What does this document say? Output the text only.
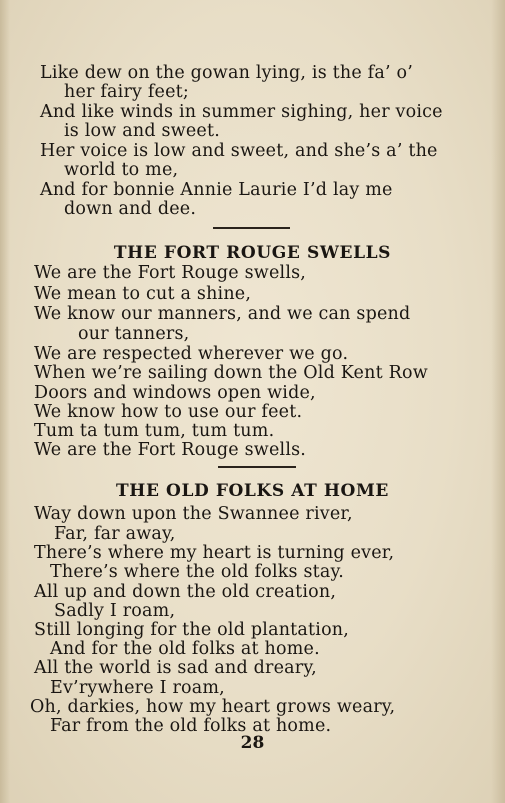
Like dew on the gowan lying, is the fa’ o’
her fairy feet;
And like winds in summer sighing, her voice
is low and sweet.
Her voice is low and sweet, and she’s a’ the
world to me,
And for bonnie Annie Laurie I’d lay me
down and dee.
THE FORT ROUGE SWELLS
We are the Fort Rouge swells,
We mean to cut a shine,
We know our manners, and we can spend
our tanners,
We are respected wherever we go.
When we’re sailing down the Old Kent Row
Doors and windows open wide,
We know how to use our feet.
Tum ta tum tum, tum tum.
We are the Fort Rouge swells.
THE OLD FOLKS AT HOME
Way down upon the Swannee river,
Far, far away,
There’s where my heart is turning ever,
There’s where the old folks stay.
All up and down the old creation,
Sadly I roam,
Still longing for the old plantation,
And for the old folks at home.
All the world is sad and dreary,
Ev’rywhere I roam,
Oh, darkies, how my heart grows weary,
Far from the old folks at home.
28
